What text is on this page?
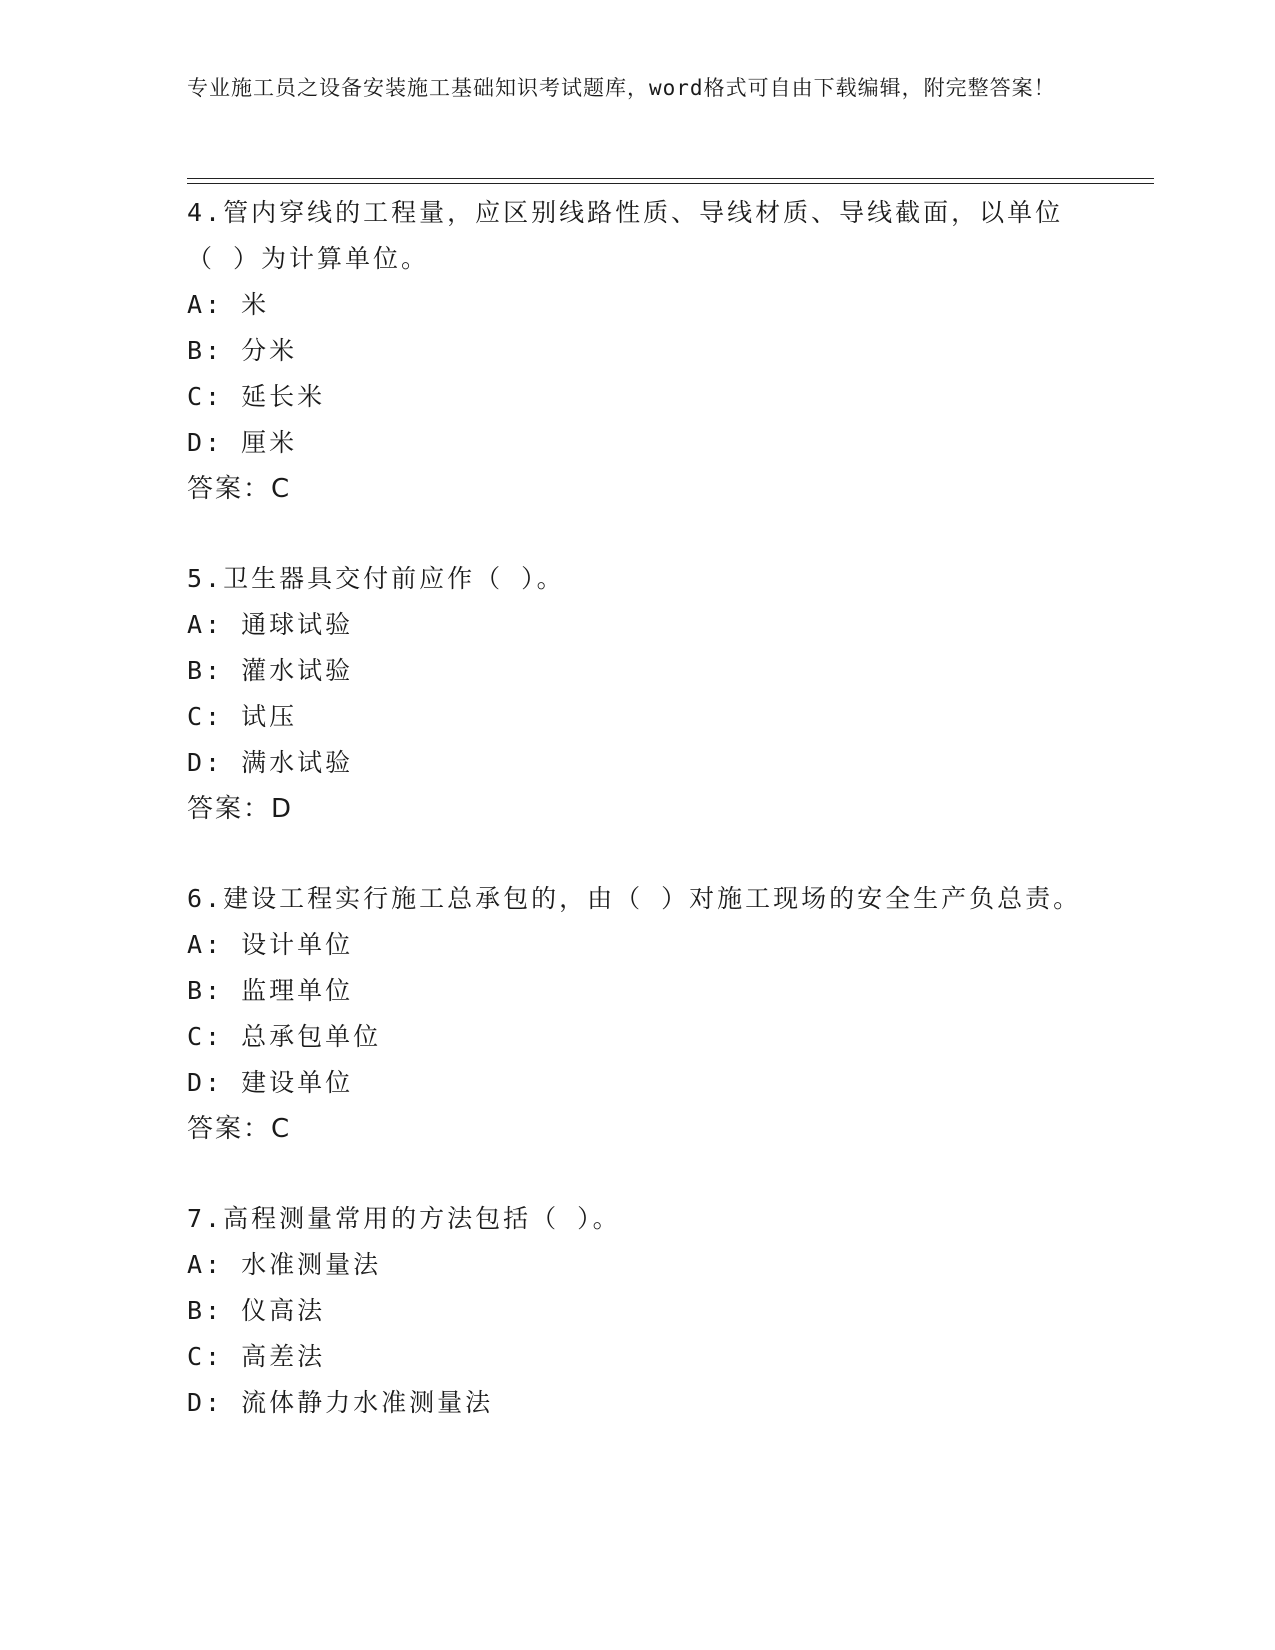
专业施工员之设备安装施工基础知识考试题库，word格式可自由下载编辑，附完整答案！

4.管内穿线的工程量，应区别线路性质、导线材质、导线截面，以单位（ ）为计算单位。

A: 米

B: 分米

C: 延长米

D: 厘米

答案：C

5.卫生器具交付前应作（ ）。

A: 通球试验

B: 灌水试验

C: 试压

D: 满水试验

答案：D

6.建设工程实行施工总承包的，由（ ）对施工现场的安全生产负总责。

A: 设计单位

B: 监理单位

C: 总承包单位

D: 建设单位

答案：C

7.高程测量常用的方法包括（ ）。

A: 水准测量法

B: 仪高法

C: 高差法

D: 流体静力水准测量法
